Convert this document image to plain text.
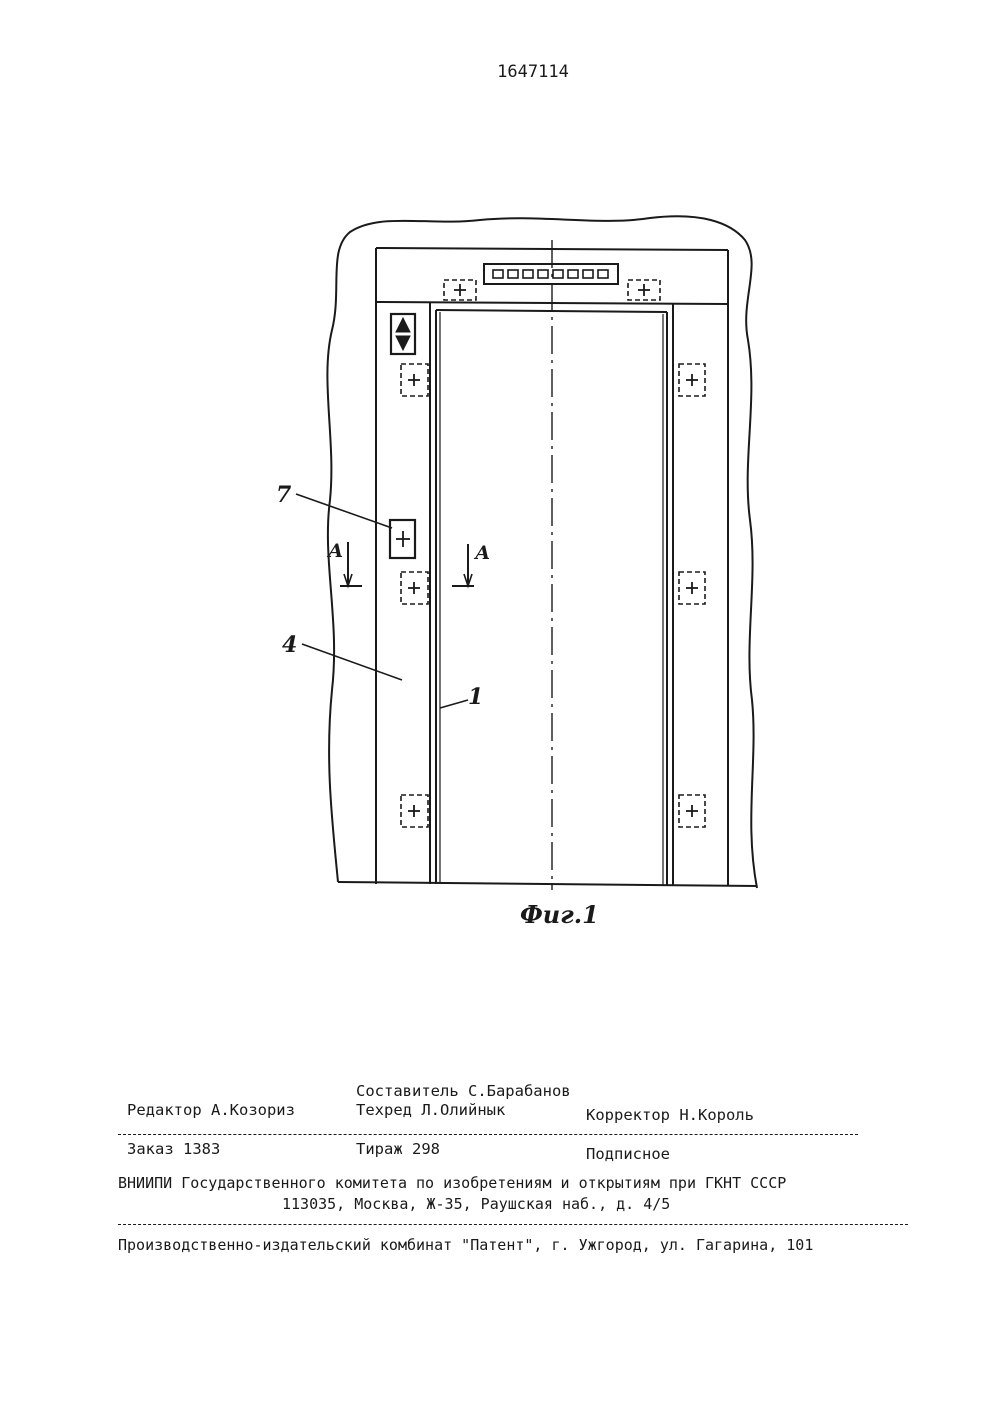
1647114
7
А	А
4
1
Фиг.1
Составитель С.Барабанов
Редактор А.Козориз	Техред Л.Олийнык	Корректор Н.Король
Заказ 1383	Тираж 298	Подписное
ВНИИПИ Государственного комитета по изобретениям и открытиям при ГКНТ СССР
113035, Москва, Ж-35, Раушская наб., д. 4/5
Производственно-издательский комбинат "Патент", г. Ужгород, ул. Гагарина, 101
